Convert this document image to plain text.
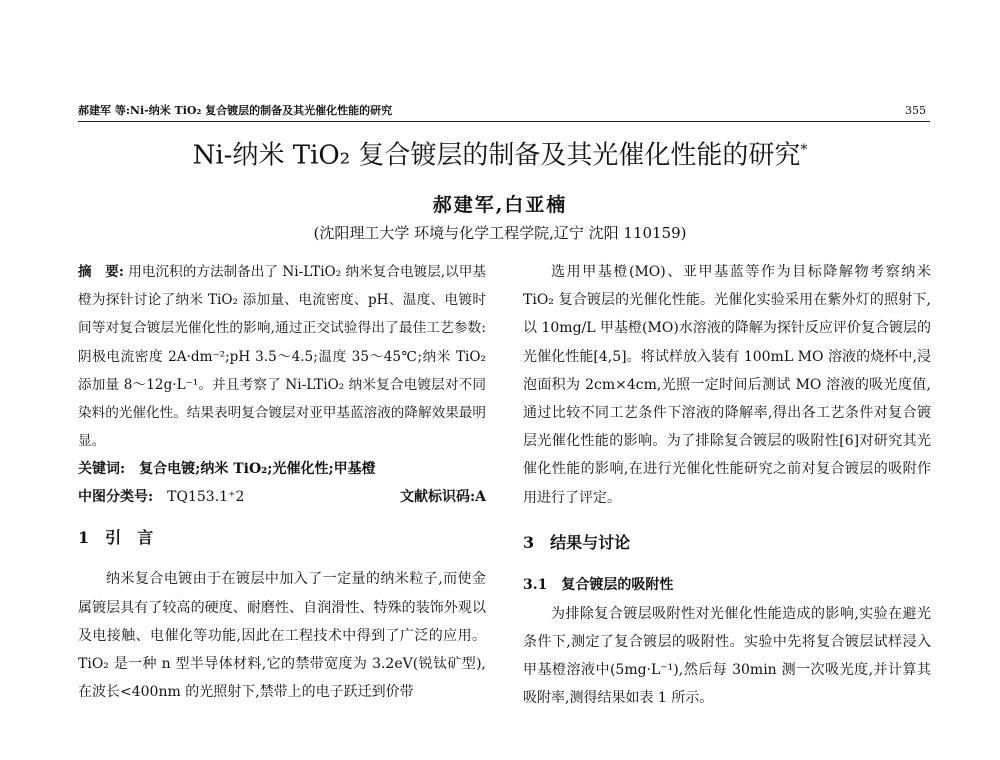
郝建军 等:Ni-纳米 TiO₂ 复合镀层的制备及其光催化性能的研究	355
Ni-纳米 TiO₂ 复合镀层的制备及其光催化性能的研究*
郝建军,白亚楠
(沈阳理工大学 环境与化学工程学院,辽宁 沈阳 110159)

摘　要: 用电沉积的方法制备出了 Ni-LTiO₂ 纳米复合电镀层,以甲基橙为探针讨论了纳米 TiO₂ 添加量、电流密度、pH、温度、电镀时间等对复合镀层光催化性的影响,通过正交试验得出了最佳工艺参数:阴极电流密度 2A·dm⁻²;pH 3.5～4.5;温度 35～45℃;纳米 TiO₂ 添加量 8～12g·L⁻¹。并且考察了 Ni-LTiO₂ 纳米复合电镀层对不同染料的光催化性。结果表明复合镀层对亚甲基蓝溶液的降解效果最明显。

关键词:　 复合电镀;纳米 TiO₂;光催化性;甲基橙

中图分类号:　 TQ153.1⁺2	文献标识码:A

1　引　言

纳米复合电镀由于在镀层中加入了一定量的纳米粒子,而使金属镀层具有了较高的硬度、耐磨性、自润滑性、特殊的装饰外观以及电接触、电催化等功能,因此在工程技术中得到了广泛的应用。TiO₂ 是一种 n 型半导体材料,它的禁带宽度为 3.2eV(锐钛矿型),在波长<400nm 的光照射下,禁带上的电子跃迁到价带

选用甲基橙(MO)、亚甲基蓝等作为目标降解物考察纳米 TiO₂ 复合镀层的光催化性能。光催化实验采用在紫外灯的照射下,以 10mg/L 甲基橙(MO)水溶液的降解为探针反应评价复合镀层的光催化性能[4,5]。将试样放入装有 100mL MO 溶液的烧杯中,浸泡面积为 2cm×4cm,光照一定时间后测试 MO 溶液的吸光度值,通过比较不同工艺条件下溶液的降解率,得出各工艺条件对复合镀层光催化性能的影响。为了排除复合镀层的吸附性[6]对研究其光催化性能的影响,在进行光催化性能研究之前对复合镀层的吸附作用进行了评定。

3　结果与讨论

3.1　复合镀层的吸附性

为排除复合镀层吸附性对光催化性能造成的影响,实验在避光条件下,测定了复合镀层的吸附性。实验中先将复合镀层试样浸入甲基橙溶液中(5mg·L⁻¹),然后每 30min 测一次吸光度,并计算其吸附率,测得结果如表 1 所示。
